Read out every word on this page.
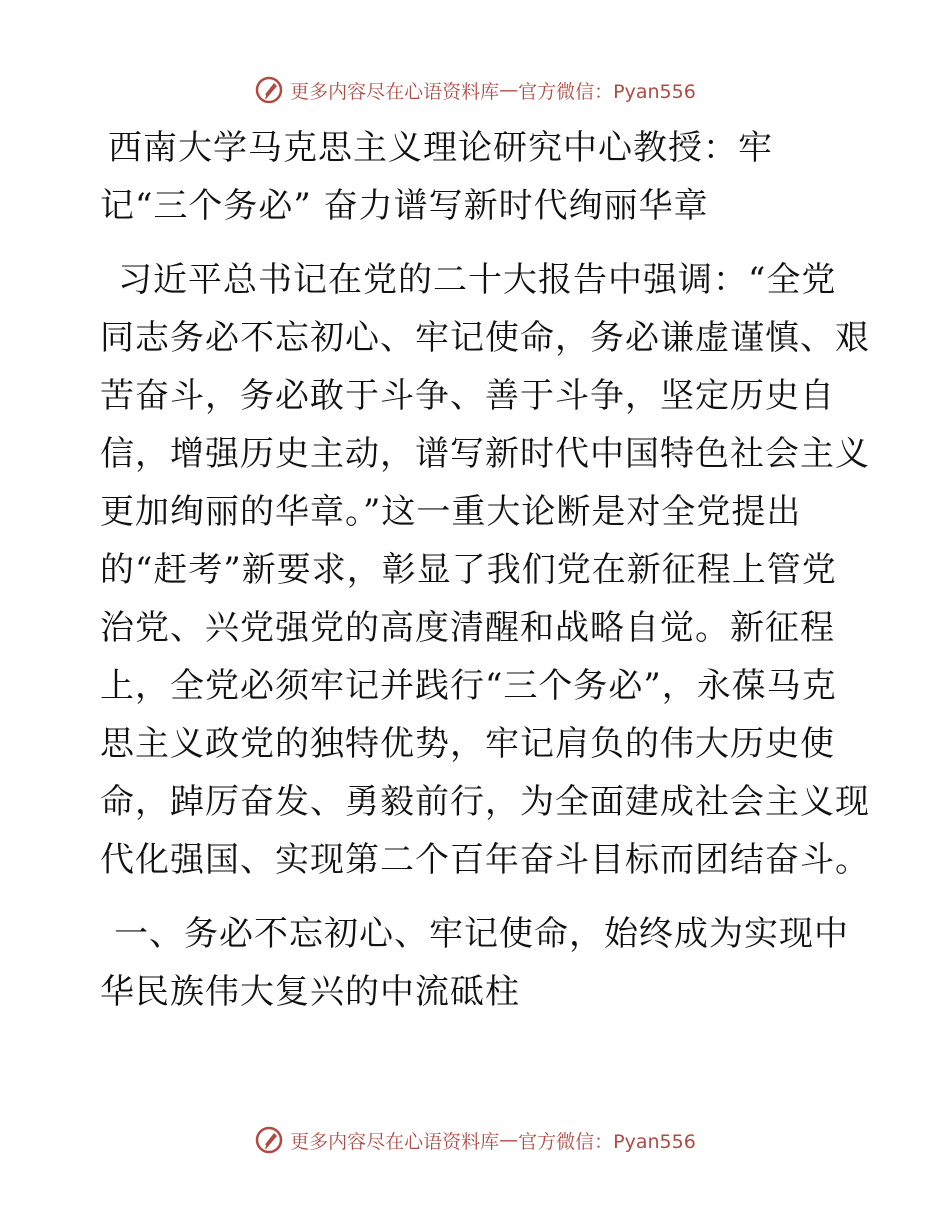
更多内容尽在心语资料库 — 官方微信：Pyan556
西南大学马克思主义理论研究中心教授：牢
记“三个务必” 奋力谱写新时代绚丽华章
习近平总书记在党的二十大报告中强调：“全党
同志务必不忘初心、牢记使命，务必谦虚谨慎、艰
苦奋斗，务必敢于斗争、善于斗争，坚定历史自
信，增强历史主动，谱写新时代中国特色社会主义
更加绚丽的华章。”这一重大论断是对全党提出
的“赶考”新要求，彰显了我们党在新征程上管党
治党、兴党强党的高度清醒和战略自觉。新征程
上，全党必须牢记并践行“三个务必”，永葆马克
思主义政党的独特优势，牢记肩负的伟大历史使
命，踔厉奋发、勇毅前行，为全面建成社会主义现
代化强国、实现第二个百年奋斗目标而团结奋斗。
一、务必不忘初心、牢记使命，始终成为实现中
华民族伟大复兴的中流砥柱
更多内容尽在心语资料库 — 官方微信：Pyan556
